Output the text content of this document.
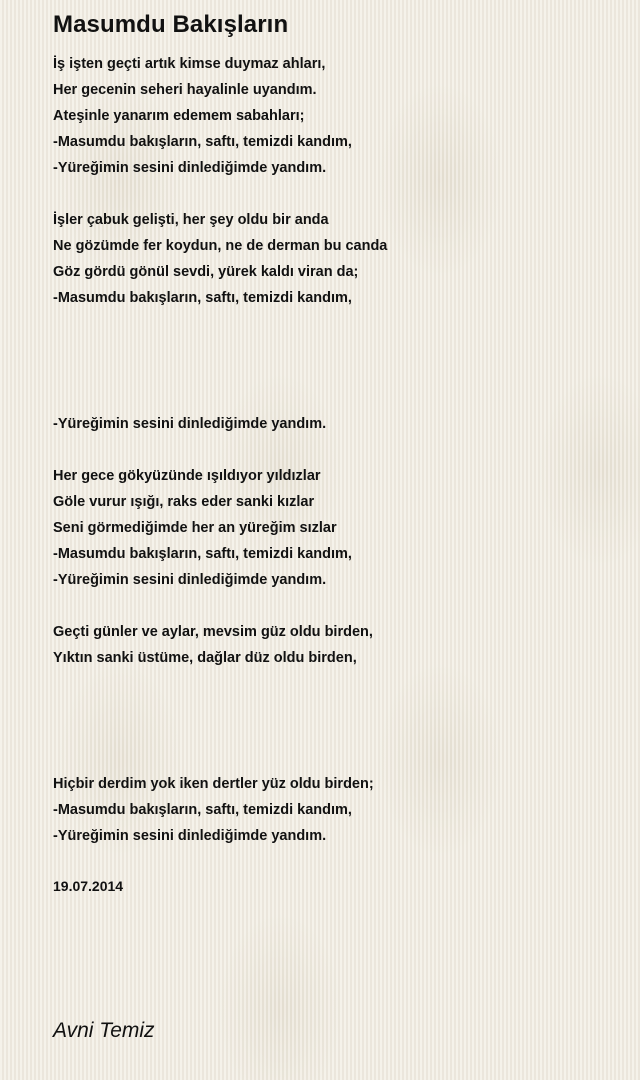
Masumdu Bakışların
İş işten geçti artık kimse duymaz ahları,
Her gecenin seheri hayalinle uyandım.
Ateşinle yanarım edemem sabahları;
-Masumdu bakışların, saftı, temizdi kandım,
-Yüreğimin sesini dinlediğimde yandım.
İşler çabuk gelişti, her şey oldu bir anda
Ne gözümde fer koydun, ne de derman bu canda
Göz gördü gönül sevdi, yürek kaldı viran da;
-Masumdu bakışların, saftı, temizdi kandım,
-Yüreğimin sesini dinlediğimde yandım.
Her gece gökyüzünde ışıldıyor yıldızlar
Göle vurur ışığı, raks eder sanki kızlar
Seni görmediğimde her an yüreğim sızlar
-Masumdu bakışların, saftı, temizdi kandım,
-Yüreğimin sesini dinlediğimde yandım.
Geçti günler ve aylar, mevsim güz oldu birden,
Yıktın sanki üstüme, dağlar düz oldu birden,
Hiçbir derdim yok iken dertler yüz oldu birden;
-Masumdu bakışların, saftı, temizdi kandım,
-Yüreğimin sesini dinlediğimde yandım.
19.07.2014
Avni Temiz
